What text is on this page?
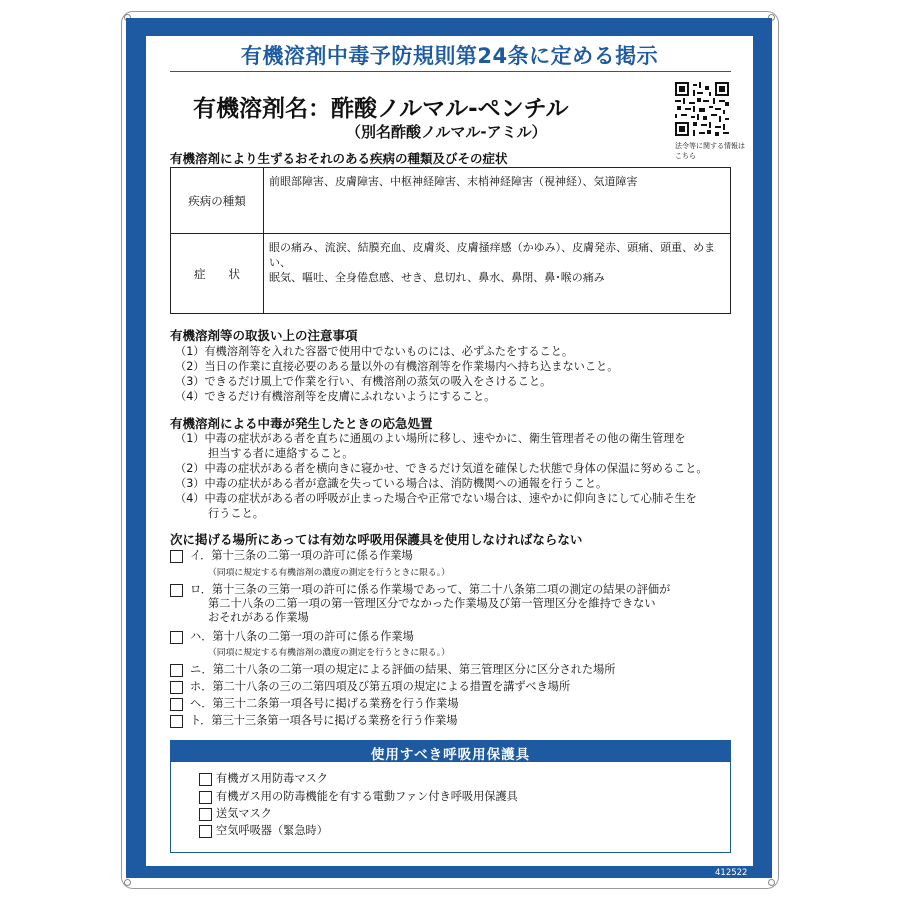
有機溶剤中毒予防規則第24条に定める掲示
有機溶剤名：酢酸ノルマル-ペンチル
（別名酢酸ノルマル-アミル）
法令等に関する情報はこちら
有機溶剤により生ずるおそれのある疾病の種類及びその症状
疾病の種類	前眼部障害、皮膚障害、中枢神経障害、末梢神経障害（視神経）、気道障害

症　　状	眼の痛み、流涙、結膜充血、皮膚炎、皮膚掻痒感（かゆみ）、皮膚発赤、頭痛、頭重、めまい、
眠気、嘔吐、全身倦怠感、せき、息切れ、鼻水、鼻閉、鼻･喉の痛み
有機溶剤等の取扱い上の注意事項
（1）有機溶剤等を入れた容器で使用中でないものには、必ずふたをすること。
（2）当日の作業に直接必要のある量以外の有機溶剤等を作業場内へ持ち込まないこと。
（3）できるだけ風上で作業を行い、有機溶剤の蒸気の吸入をさけること。
（4）できるだけ有機溶剤等を皮膚にふれないようにすること。
有機溶剤による中毒が発生したときの応急処置
（1）中毒の症状がある者を直ちに通風のよい場所に移し、速やかに、衛生管理者その他の衛生管理を
担当する者に連絡すること。
（2）中毒の症状がある者を横向きに寝かせ、できるだけ気道を確保した状態で身体の保温に努めること。
（3）中毒の症状がある者が意識を失っている場合は、消防機関への通報を行うこと。
（4）中毒の症状がある者の呼吸が止まった場合や正常でない場合は、速やかに仰向きにして心肺そ生を
行うこと。
次に掲げる場所にあっては有効な呼吸用保護具を使用しなければならない
イ．第十三条の二第一項の許可に係る作業場
（同項に規定する有機溶剤の濃度の測定を行うときに限る。）
ロ．第十三条の三第一項の許可に係る作業場であって、第二十八条第二項の測定の結果の評価が
第二十八条の二第一項の第一管理区分でなかった作業場及び第一管理区分を維持できない
おそれがある作業場
ハ．第十八条の二第一項の許可に係る作業場
（同項に規定する有機溶剤の濃度の測定を行うときに限る。）
ニ．第二十八条の二第一項の規定による評価の結果、第三管理区分に区分された場所
ホ．第二十八条の三の二第四項及び第五項の規定による措置を講ずべき場所
ヘ．第三十二条第一項各号に掲げる業務を行う作業場
ト．第三十三条第一項各号に掲げる業務を行う作業場
使用すべき呼吸用保護具
有機ガス用防毒マスク
有機ガス用の防毒機能を有する電動ファン付き呼吸用保護具
送気マスク
空気呼吸器（緊急時）
412522
